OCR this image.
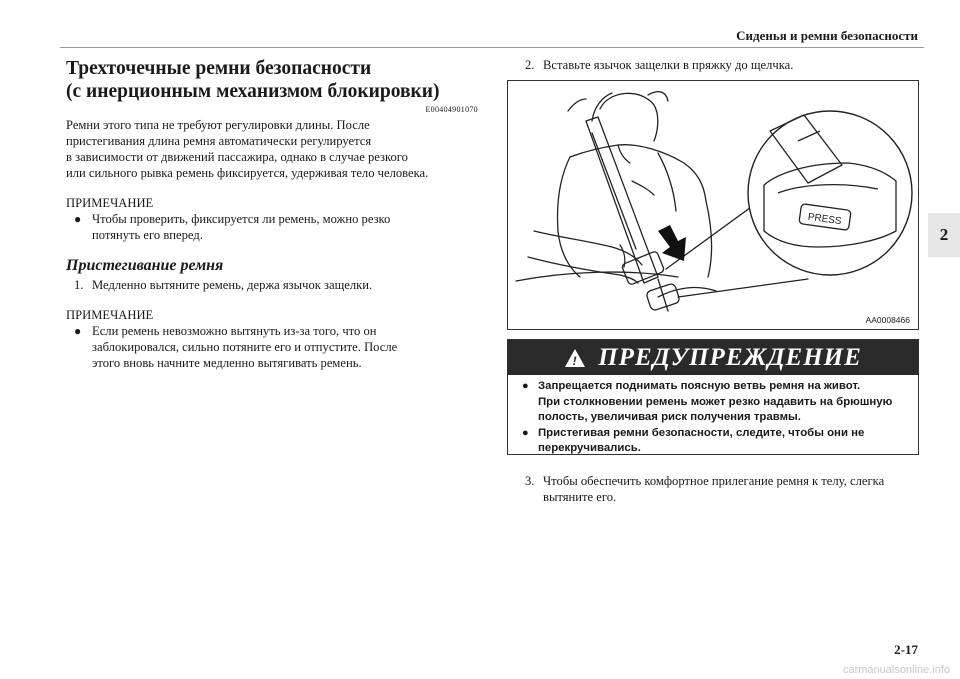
Сиденья и ремни безопасности
2
Трехточечные ремни безопасности
(с инерционным механизмом блокировки)
E00404901070

Ремни этого типа не требуют регулировки длины. После
пристегивания длина ремня автоматически регулируется
в зависимости от движений пассажира, однако в случае резкого
или сильного рывка ремень фиксируется, удерживая тело человека.

ПРИМЕЧАНИЕ
● Чтобы проверить, фиксируется ли ремень, можно резко
потянуть его вперед.
Пристегивание ремня
1. Медленно вытяните ремень, держа язычок защелки.
ПРИМЕЧАНИЕ
● Если ремень невозможно вытянуть из-за того, что он
заблокировался, сильно потяните его и отпустите. После
этого вновь начните медленно вытягивать ремень.
2. Вставьте язычок защелки в пряжку до щелчка.
PRESS
AA0008466
! ПРЕДУПРЕЖДЕНИЕ
● Запрещается поднимать поясную ветвь ремня на живот.
При столкновении ремень может резко надавить на брюшную
полость, увеличивая риск получения травмы.
● Пристегивая ремни безопасности, следите, чтобы они не
перекручивались.
3. Чтобы обеспечить комфортное прилегание ремня к телу, слегка
вытяните его.
2-17
carmanualsonline.info
